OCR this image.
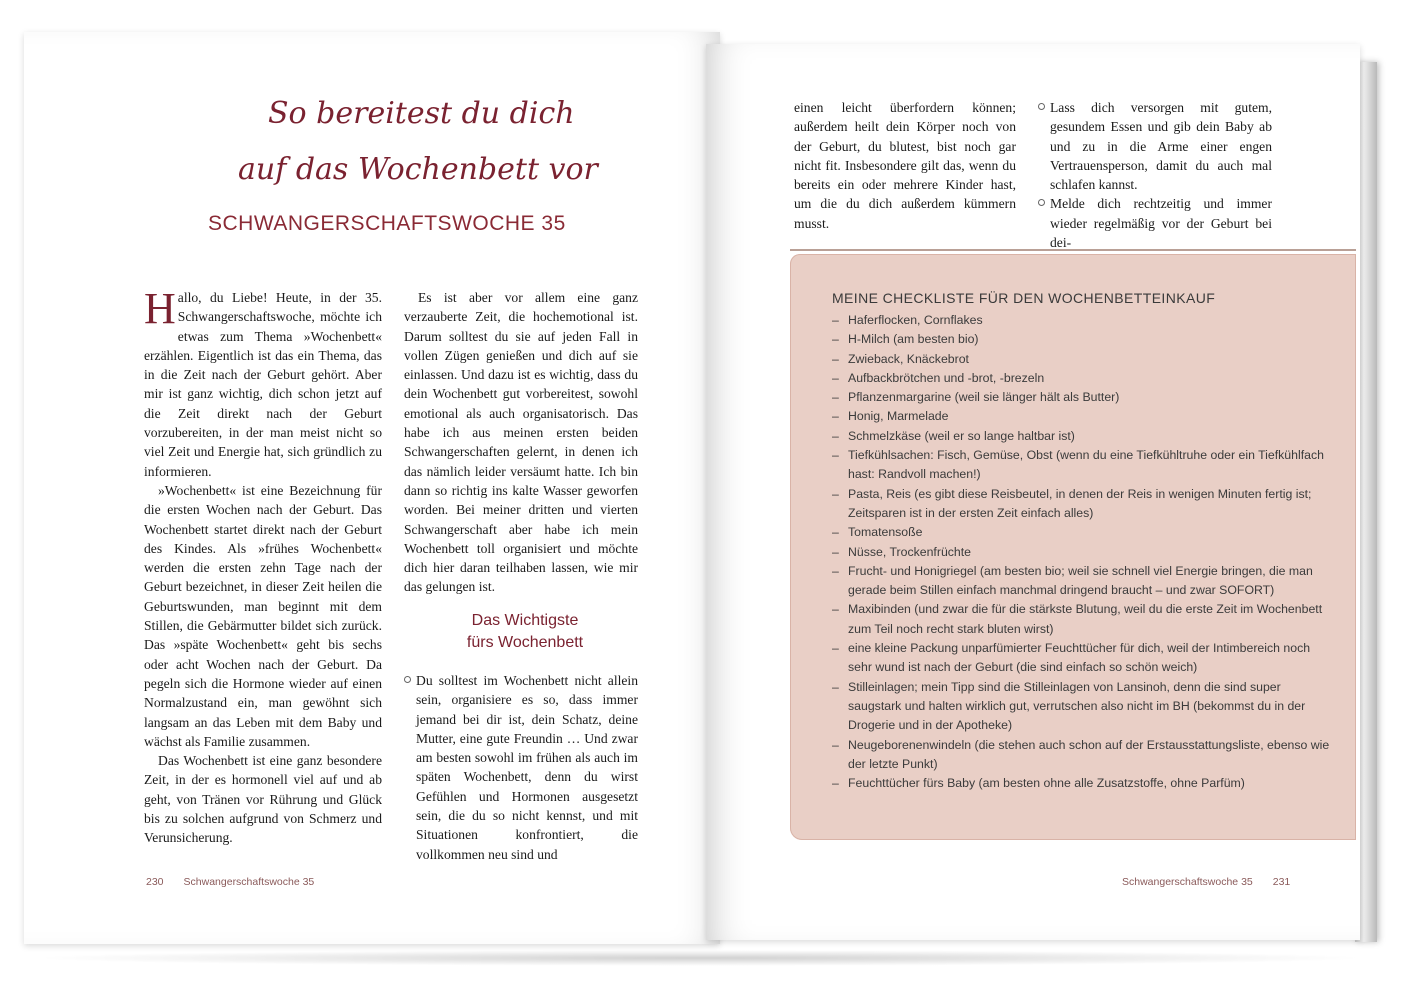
So bereitest du dich
auf das Wochenbett vor
SCHWANGERSCHAFTSWOCHE 35

Hallo, du Liebe! Heute, in der 35. Schwangerschaftswoche, möchte ich etwas zum Thema »Wochenbett« erzählen. Eigentlich ist das ein Thema, das in die Zeit nach der Geburt gehört. Aber mir ist ganz wichtig, dich schon jetzt auf die Zeit direkt nach der Geburt vorzubereiten, in der man meist nicht so viel Zeit und Energie hat, sich gründlich zu informieren.

»Wochenbett« ist eine Bezeichnung für die ersten Wochen nach der Geburt. Das Wochenbett startet direkt nach der Geburt des Kindes. Als »frühes Wochenbett« werden die ersten zehn Tage nach der Geburt bezeichnet, in dieser Zeit heilen die Geburtswunden, man beginnt mit dem Stillen, die Gebärmutter bildet sich zurück. Das »späte Wochenbett« geht bis sechs oder acht Wochen nach der Geburt. Da pegeln sich die Hormone wieder auf einen Normalzustand ein, man gewöhnt sich langsam an das Leben mit dem Baby und wächst als Familie zusammen.

Das Wochenbett ist eine ganz besondere Zeit, in der es hormonell viel auf und ab geht, von Tränen vor Rührung und Glück bis zu solchen aufgrund von Schmerz und Verunsicherung.

Es ist aber vor allem eine ganz verzauberte Zeit, die hochemotional ist. Darum solltest du sie auf jeden Fall in vollen Zügen genießen und dich auf sie einlassen. Und dazu ist es wichtig, dass du dein Wochenbett gut vorbereitest, sowohl emotional als auch organisatorisch. Das habe ich aus meinen ersten beiden Schwangerschaften gelernt, in denen ich das nämlich leider versäumt hatte. Ich bin dann so richtig ins kalte Wasser geworfen worden. Bei meiner dritten und vierten Schwangerschaft aber habe ich mein Wochenbett toll organisiert und möchte dich hier daran teilhaben lassen, wie mir das gelungen ist.

Das Wichtigste
fürs Wochenbett

Du solltest im Wochenbett nicht allein sein, organisiere es so, dass immer jemand bei dir ist, dein Schatz, deine Mutter, eine gute Freundin … Und zwar am besten sowohl im frühen als auch im späten Wochenbett, denn du wirst Gefühlen und Hormonen ausgesetzt sein, die du so nicht kennst, und mit Situationen konfrontiert, die vollkommen neu sind und

230 Schwangerschaftswoche 35

einen leicht überfordern können; außerdem heilt dein Körper noch von der Geburt, du blutest, bist noch gar nicht fit. Insbesondere gilt das, wenn du bereits ein oder mehrere Kinder hast, um die du dich außerdem kümmern musst.

Lass dich versorgen mit gutem, gesundem Essen und gib dein Baby ab und zu in die Arme einer engen Vertrauensperson, damit du auch mal schlafen kannst.

Melde dich rechtzeitig und immer wieder regelmäßig vor der Geburt bei dei-

MEINE CHECKLISTE FÜR DEN WOCHENBETTEINKAUF
– Haferflocken, Cornflakes
– H-Milch (am besten bio)
– Zwieback, Knäckebrot
– Aufbackbrötchen und -brot, -brezeln
– Pflanzenmargarine (weil sie länger hält als Butter)
– Honig, Marmelade
– Schmelzkäse (weil er so lange haltbar ist)
– Tiefkühlsachen: Fisch, Gemüse, Obst (wenn du eine Tiefkühltruhe oder ein Tiefkühlfach hast: Randvoll machen!)
– Pasta, Reis (es gibt diese Reisbeutel, in denen der Reis in wenigen Minuten fertig ist; Zeitsparen ist in der ersten Zeit einfach alles)
– Tomatensoße
– Nüsse, Trockenfrüchte
– Frucht- und Honigriegel (am besten bio; weil sie schnell viel Energie bringen, die man gerade beim Stillen einfach manchmal dringend braucht – und zwar SOFORT)
– Maxibinden (und zwar die für die stärkste Blutung, weil du die erste Zeit im Wochenbett zum Teil noch recht stark bluten wirst)
– eine kleine Packung unparfümierter Feuchttücher für dich, weil der Intimbereich noch sehr wund ist nach der Geburt (die sind einfach so schön weich)
– Stilleinlagen; mein Tipp sind die Stilleinlagen von Lansinoh, denn die sind super saugstark und halten wirklich gut, verrutschen also nicht im BH (bekommst du in der Drogerie und in der Apotheke)
– Neugeborenenwindeln (die stehen auch schon auf der Erstausstattungsliste, ebenso wie der letzte Punkt)
– Feuchttücher fürs Baby (am besten ohne alle Zusatzstoffe, ohne Parfüm)
Schwangerschaftswoche 35 231
